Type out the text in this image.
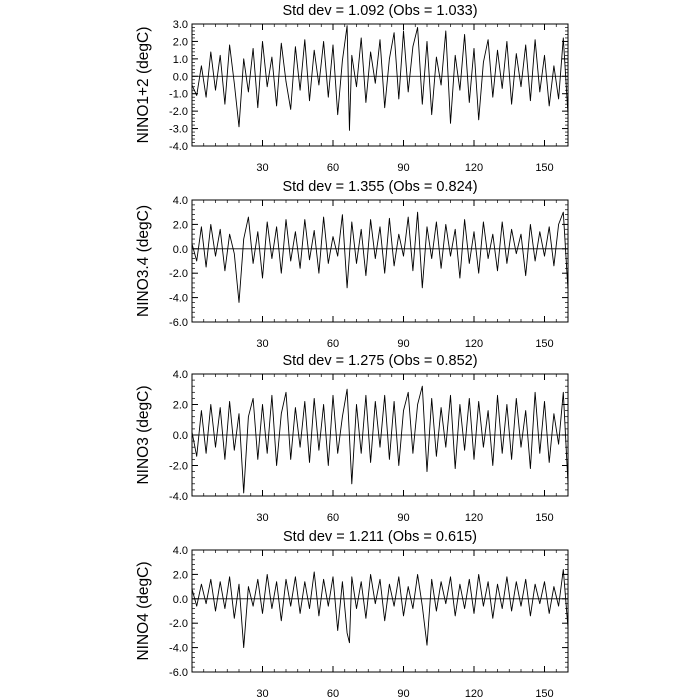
Std dev = 1.092 (Obs = 1.033)
NINO1+2 (degC)
-4.0
-3.0
-2.0
-1.0
0.0
1.0
2.0
3.0
30	60	90	120	150
Std dev = 1.355 (Obs = 0.824)
NINO3.4 (degC)
-6.0
-4.0
-2.0
0.0
2.0
4.0
30	60	90	120	150
Std dev = 1.275 (Obs = 0.852)
NINO3 (degC)
-4.0
-2.0
0.0
2.0
4.0
30	60	90	120	150
Std dev = 1.211 (Obs = 0.615)
NINO4 (degC)
-6.0
-4.0
-2.0
0.0
2.0
4.0
30	60	90	120	150
